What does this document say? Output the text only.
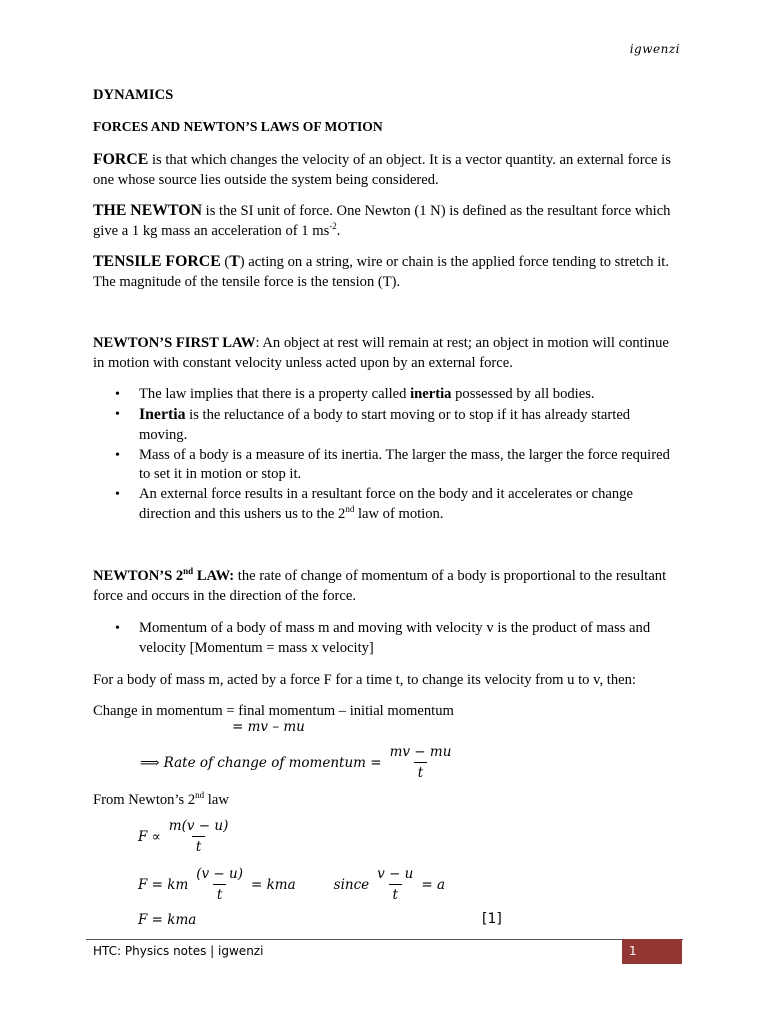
igwenzi
DYNAMICS
FORCES AND NEWTON’S LAWS OF MOTION

FORCE is that which changes the velocity of an object. It is a vector quantity. an external force is one whose source lies outside the system being considered.

THE NEWTON is the SI unit of force. One Newton (1 N) is defined as the resultant force which give a 1 kg mass an acceleration of 1 $ms^{-2}$.

TENSILE FORCE (T) acting on a string, wire or chain is the applied force tending to stretch it. The magnitude of the tensile force is the tension (T).

NEWTON’S FIRST LAW: An object at rest will remain at rest; an object in motion will continue in motion with constant velocity unless acted upon by an external force.

• The law implies that there is a property called inertia possessed by all bodies.
• Inertia is the reluctance of a body to start moving or to stop if it has already started moving.
• Mass of a body is a measure of its inertia. The larger the mass, the larger the force required to set it in motion or stop it.
• An external force results in a resultant force on the body and it accelerates or change direction and this ushers us to the 2nd law of motion.

NEWTON’S 2nd LAW: the rate of change of momentum of a body is proportional to the resultant force and occurs in the direction of the force.

• Momentum of a body of mass m and moving with velocity v is the product of mass and velocity [Momentum = mass x velocity]

For a body of mass m, acted by a force F for a time t, to change its velocity from u to v, then:

Change in momentum = final momentum – initial momentum

= mv – mu
⟹ Rate of change of momentum = $\frac{mv - mu}{t}$

From Newton’s 2nd law

$F \propto \frac{m(v - u)}{t}$
F = km $\frac{(v - u)}{t}$ = kma	since $\frac{v - u}{t} = a$
F = kma	[1]
HTC: Physics notes | igwenzi	1
